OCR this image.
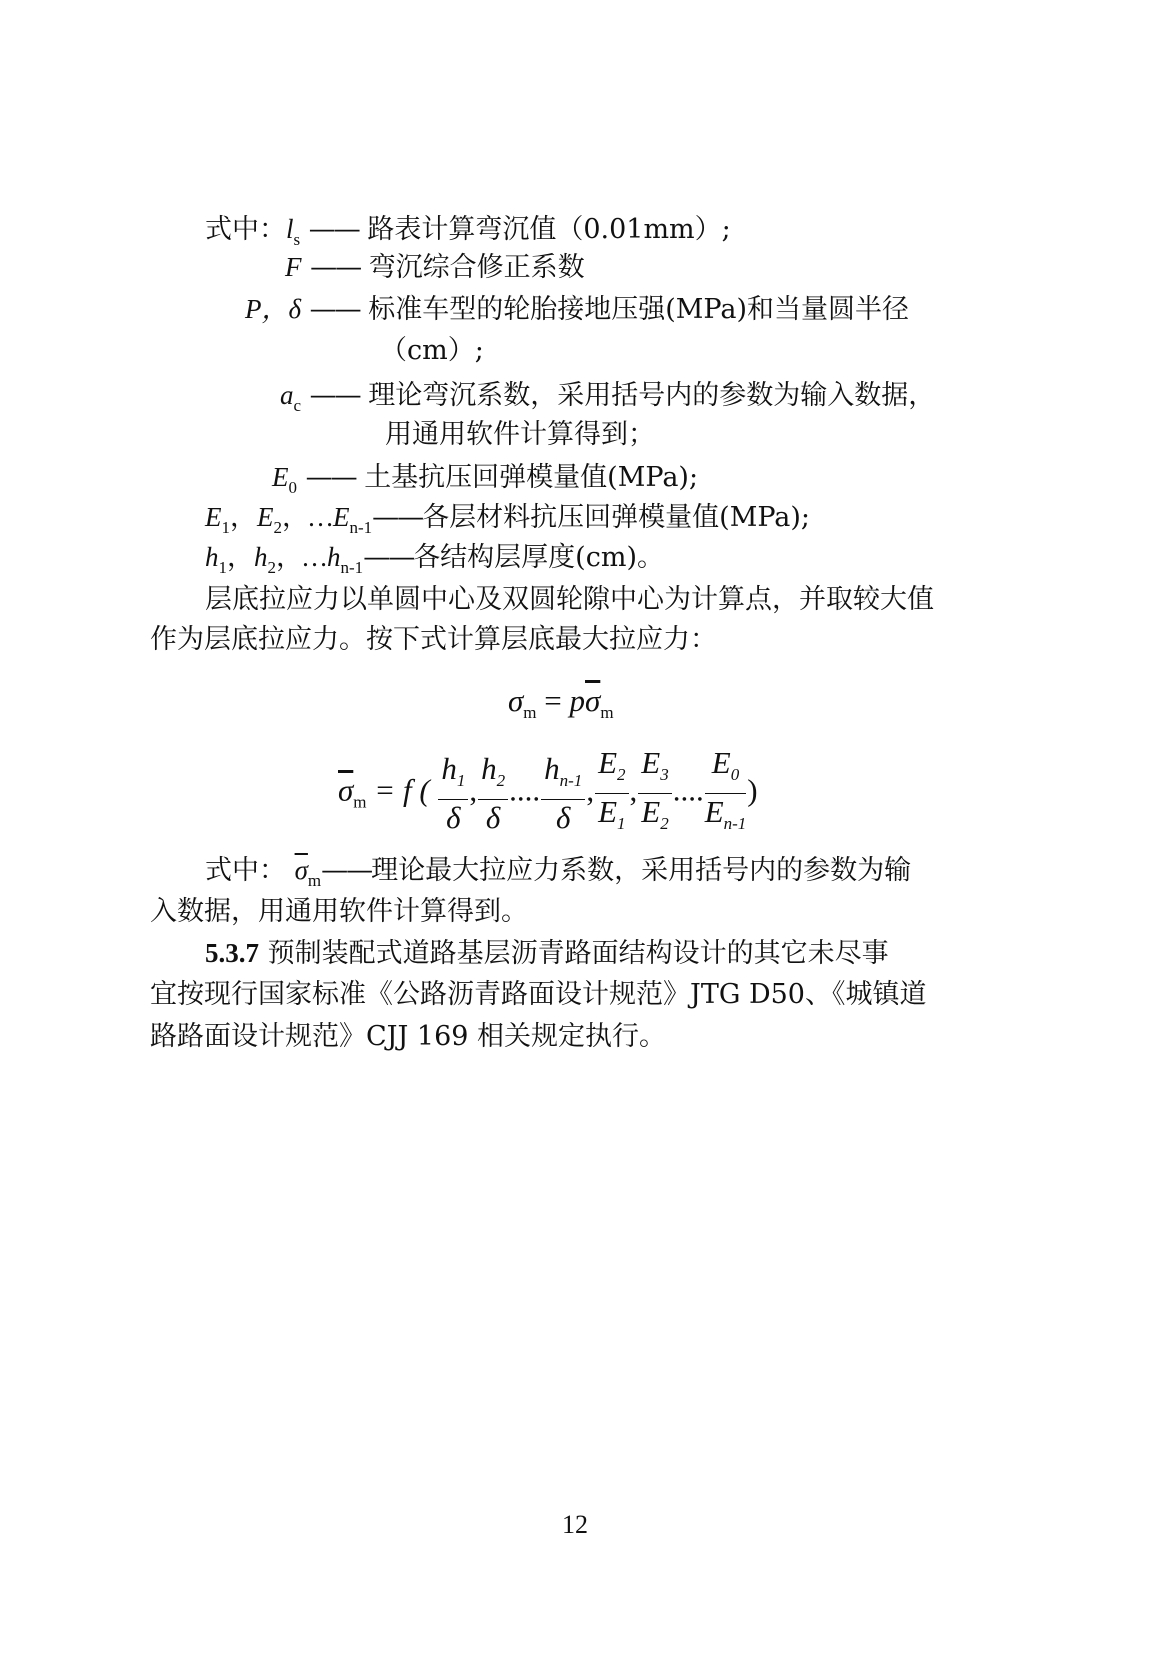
式中：$l_s$ —— 路表计算弯沉值（0.01mm）;
F —— 弯沉综合修正系数
P，δ —— 标准车型的轮胎接地压强(MPa)和当量圆半径
（cm）;
$a_c$ —— 理论弯沉系数，采用括号内的参数为输入数据，
用通用软件计算得到；
$E_0$ —— 土基抗压回弹模量值(MPa);
$E_1$，$E_2$，$\dots E_{n-1}——$各层材料抗压回弹模量值(MPa);
$h_1$，$h_2$，$\dots h_{n-1}——$各结构层厚度(cm)。
层底拉应力以单圆中心及双圆轮隙中心为计算点，并取较大值
作为层底拉应力。按下式计算层底最大拉应力：
$\sigma_m = p\overline{\sigma}_m$
$\overline{\sigma}_m = f$ ( $\frac{h_1}{\delta}$ , $\frac{h_2}{\delta}$ .... $\frac{h_{n-1}}{\delta}$ , $\frac{E_2}{E_1}$ , $\frac{E_3}{E_2}$ .... $\frac{E_0}{E_{n-1}}$ )
式中： $\overline{\sigma}_m——$理论最大拉应力系数，采用括号内的参数为输
入数据，用通用软件计算得到。
5.3.7 预制装配式道路基层沥青路面结构设计的其它未尽事
宜按现行国家标准《公路沥青路面设计规范》JTG D50、《城镇道
路路面设计规范》CJJ 169 相关规定执行。
12
